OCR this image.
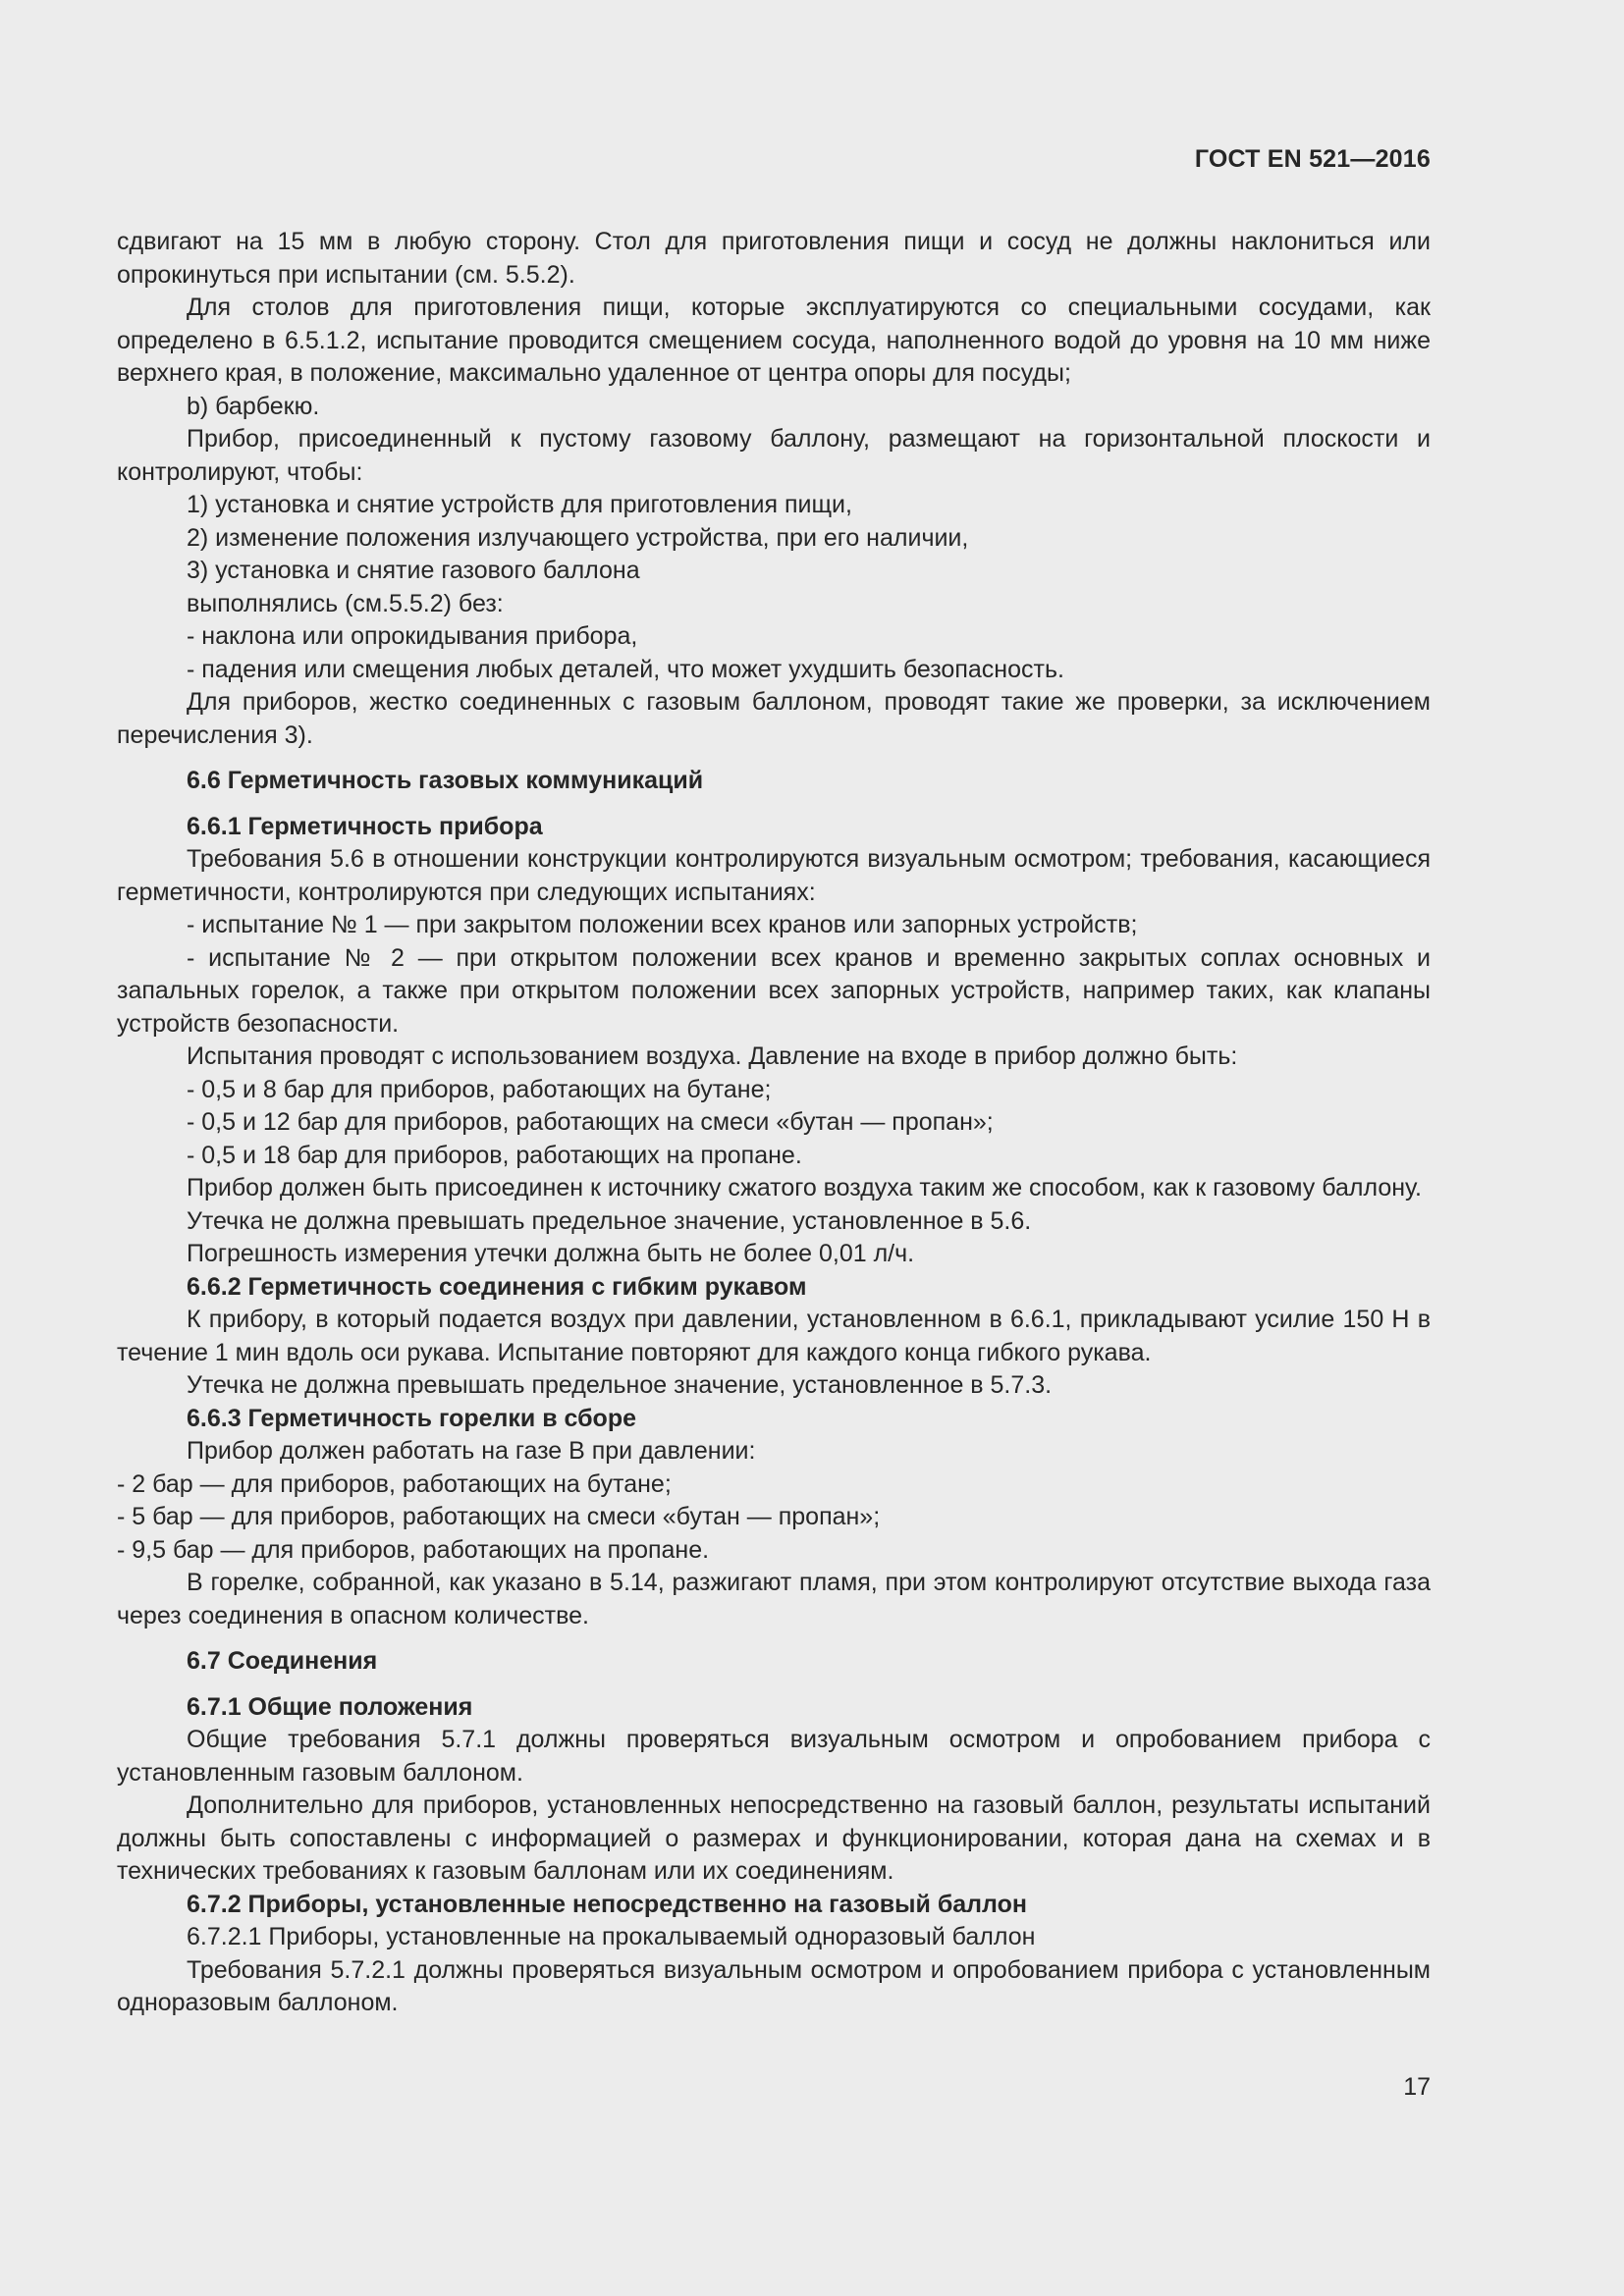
ГОСТ EN 521—2016

сдвигают на 15 мм в любую сторону. Стол для приготовления пищи и сосуд не должны наклониться или опрокинуться при испытании (см. 5.5.2).

Для столов для приготовления пищи, которые эксплуатируются со специальными сосудами, как определено в 6.5.1.2, испытание проводится смещением сосуда, наполненного водой до уровня на 10 мм ниже верхнего края, в положение, максимально удаленное от центра опоры для посуды;

b) барбекю.

Прибор, присоединенный к пустому газовому баллону, размещают на горизонтальной плоскости и контролируют, чтобы:

1) установка и снятие устройств для приготовления пищи,

2) изменение положения излучающего устройства, при его наличии,

3) установка и снятие газового баллона

выполнялись (см.5.5.2) без:

- наклона или опрокидывания прибора,

- падения или смещения любых деталей, что может ухудшить безопасность.

Для приборов, жестко соединенных с газовым баллоном, проводят такие же проверки, за исключением перечисления 3).

6.6 Герметичность газовых коммуникаций

6.6.1 Герметичность прибора

Требования 5.6 в отношении конструкции контролируются визуальным осмотром; требования, касающиеся герметичности, контролируются при следующих испытаниях:

- испытание № 1 — при закрытом положении всех кранов или запорных устройств;

- испытание № 2 — при открытом положении всех кранов и временно закрытых соплах основных и запальных горелок, а также при открытом положении всех запорных устройств, например таких, как клапаны устройств безопасности.

Испытания проводят с использованием воздуха. Давление на входе в прибор должно быть:

- 0,5 и 8 бар для приборов, работающих на бутане;

- 0,5 и 12 бар для приборов, работающих на смеси «бутан — пропан»;

- 0,5 и 18 бар для приборов, работающих на пропане.

Прибор должен быть присоединен к источнику сжатого воздуха таким же способом, как к газовому баллону.

Утечка не должна превышать предельное значение, установленное в 5.6.

Погрешность измерения утечки должна быть не более 0,01 л/ч.

6.6.2 Герметичность соединения с гибким рукавом

К прибору, в который подается воздух при давлении, установленном в 6.6.1, прикладывают усилие 150 Н в течение 1 мин вдоль оси рукава. Испытание повторяют для каждого конца гибкого рукава.

Утечка не должна превышать предельное значение, установленное в 5.7.3.

6.6.3 Герметичность горелки в сборе

Прибор должен работать на газе В при давлении:

- 2 бар — для приборов, работающих на бутане;

- 5 бар — для приборов, работающих на смеси «бутан — пропан»;

- 9,5 бар — для приборов, работающих на пропане.

В горелке, собранной, как указано в 5.14, разжигают пламя, при этом контролируют отсутствие выхода газа через соединения в опасном количестве.

6.7 Соединения

6.7.1 Общие положения

Общие требования 5.7.1 должны проверяться визуальным осмотром и опробованием прибора с установленным газовым баллоном.

Дополнительно для приборов, установленных непосредственно на газовый баллон, результаты испытаний должны быть сопоставлены с информацией о размерах и функционировании, которая дана на схемах и в технических требованиях к газовым баллонам или их соединениям.

6.7.2 Приборы, установленные непосредственно на газовый баллон

6.7.2.1 Приборы, установленные на прокалываемый одноразовый баллон

Требования 5.7.2.1 должны проверяться визуальным осмотром и опробованием прибора с установленным одноразовым баллоном.

17
